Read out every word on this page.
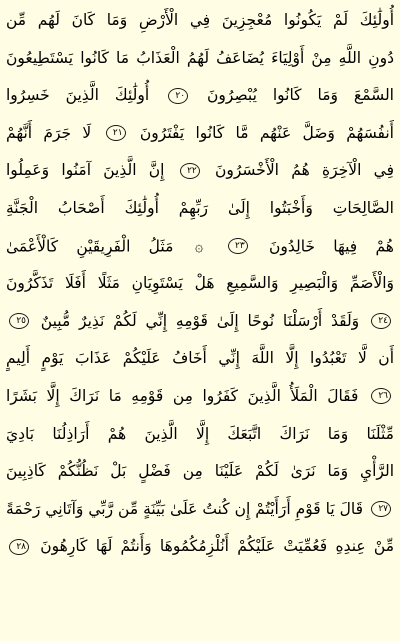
أُولَٰئِكَ لَمْ يَكُونُوا مُعْجِزِينَ فِي الْأَرْضِ وَمَا كَانَ لَهُم مِّن
دُونِ اللَّهِ مِنْ أَوْلِيَاءَ يُضَاعَفُ لَهُمُ الْعَذَابُ مَا كَانُوا يَسْتَطِيعُونَ
السَّمْعَ وَمَا كَانُوا يُبْصِرُونَ ٢٠ أُولَٰئِكَ الَّذِينَ خَسِرُوا
أَنفُسَهُمْ وَضَلَّ عَنْهُم مَّا كَانُوا يَفْتَرُونَ ٢١ لَا جَرَمَ أَنَّهُمْ
فِي الْآخِرَةِ هُمُ الْأَخْسَرُونَ ٢٢ إِنَّ الَّذِينَ آمَنُوا وَعَمِلُوا
الصَّالِحَاتِ وَأَخْبَتُوا إِلَىٰ رَبِّهِمْ أُولَٰئِكَ أَصْحَابُ الْجَنَّةِ
هُمْ فِيهَا خَالِدُونَ ٢٣ ۞ مَثَلُ الْفَرِيقَيْنِ كَالْأَعْمَىٰ
وَالْأَصَمِّ وَالْبَصِيرِ وَالسَّمِيعِ هَلْ يَسْتَوِيَانِ مَثَلًا أَفَلَا تَذَكَّرُونَ
٢٤ وَلَقَدْ أَرْسَلْنَا نُوحًا إِلَىٰ قَوْمِهِ إِنِّي لَكُمْ نَذِيرٌ مُّبِينٌ ٢٥
أَن لَّا تَعْبُدُوا إِلَّا اللَّهَ إِنِّي أَخَافُ عَلَيْكُمْ عَذَابَ يَوْمٍ أَلِيمٍ
٢٦ فَقَالَ الْمَلَأُ الَّذِينَ كَفَرُوا مِن قَوْمِهِ مَا نَرَاكَ إِلَّا بَشَرًا
مِّثْلَنَا وَمَا نَرَاكَ اتَّبَعَكَ إِلَّا الَّذِينَ هُمْ أَرَاذِلُنَا بَادِيَ
الرَّأْيِ وَمَا نَرَىٰ لَكُمْ عَلَيْنَا مِن فَضْلٍ بَلْ نَظُنُّكُمْ كَاذِبِينَ
٢٧ قَالَ يَا قَوْمِ أَرَأَيْتُمْ إِن كُنتُ عَلَىٰ بَيِّنَةٍ مِّن رَّبِّي وَآتَانِي رَحْمَةً
مِّنْ عِندِهِ فَعُمِّيَتْ عَلَيْكُمْ أَنُلْزِمُكُمُوهَا وَأَنتُمْ لَهَا كَارِهُونَ ٢٨
